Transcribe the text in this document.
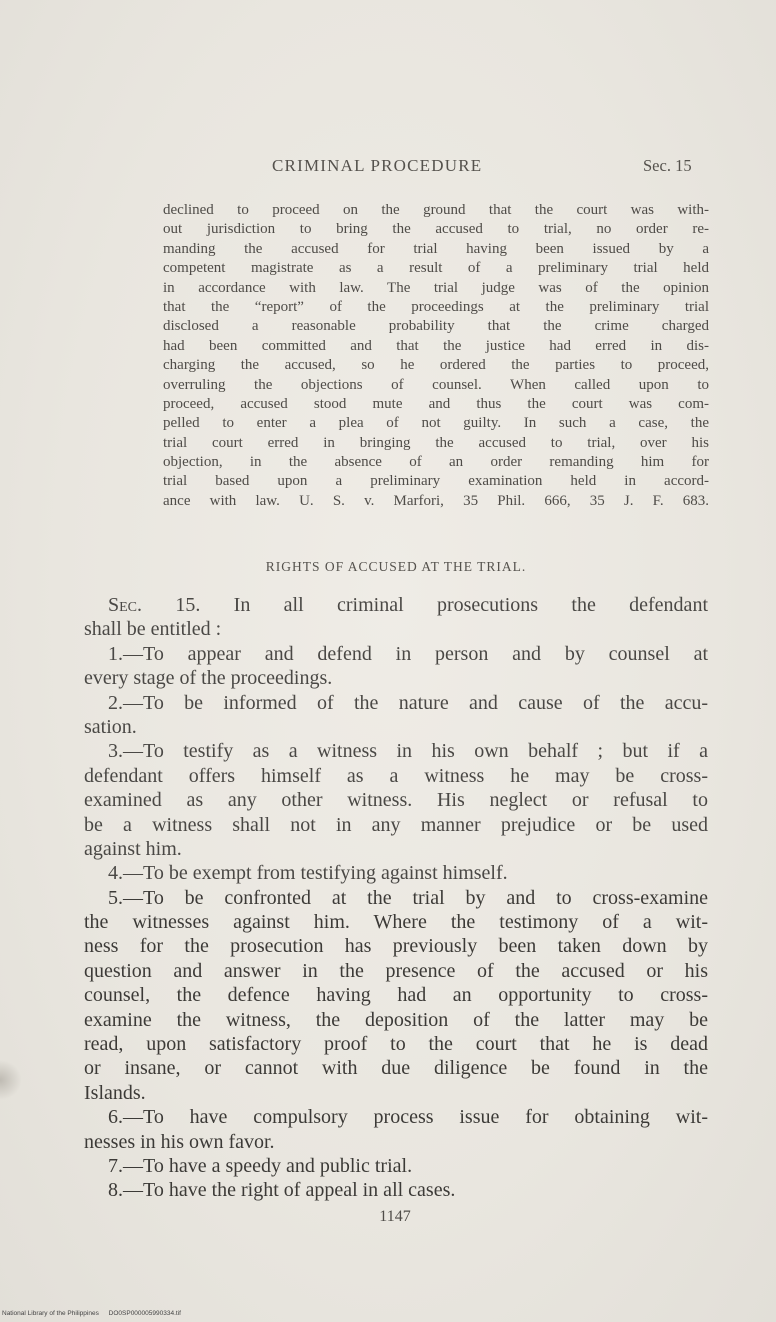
CRIMINAL PROCEDURE	Sec. 15
declined to proceed on the ground that the court was with-
out jurisdiction to bring the accused to trial, no order re-
manding the accused for trial having been issued by a
competent magistrate as a result of a preliminary trial held
in accordance with law. The trial judge was of the opinion
that the “report” of the proceedings at the preliminary trial
disclosed a reasonable probability that the crime charged
had been committed and that the justice had erred in dis-
charging the accused, so he ordered the parties to proceed,
overruling the objections of counsel. When called upon to
proceed, accused stood mute and thus the court was com-
pelled to enter a plea of not guilty. In such a case, the
trial court erred in bringing the accused to trial, over his
objection, in the absence of an order remanding him for
trial based upon a preliminary examination held in accord-
ance with law. U. S. v. Marfori, 35 Phil. 666, 35 J. F. 683.
RIGHTS OF ACCUSED AT THE TRIAL.
Sec. 15. In all criminal prosecutions the defendant
shall be entitled :
1.—To appear and defend in person and by counsel at
every stage of the proceedings.
2.—To be informed of the nature and cause of the accu-
sation.
3.—To testify as a witness in his own behalf ; but if a
defendant offers himself as a witness he may be cross-
examined as any other witness. His neglect or refusal to
be a witness shall not in any manner prejudice or be used
against him.
4.—To be exempt from testifying against himself.
5.—To be confronted at the trial by and to cross-examine
the witnesses against him. Where the testimony of a wit-
ness for the prosecution has previously been taken down by
question and answer in the presence of the accused or his
counsel, the defence having had an opportunity to cross-
examine the witness, the deposition of the latter may be
read, upon satisfactory proof to the court that he is dead
or insane, or cannot with due diligence be found in the
Islands.
6.—To have compulsory process issue for obtaining wit-
nesses in his own favor.
7.—To have a speedy and public trial.
8.—To have the right of appeal in all cases.
1147
National Library of the Philippines DO0SP000005990334.tif
